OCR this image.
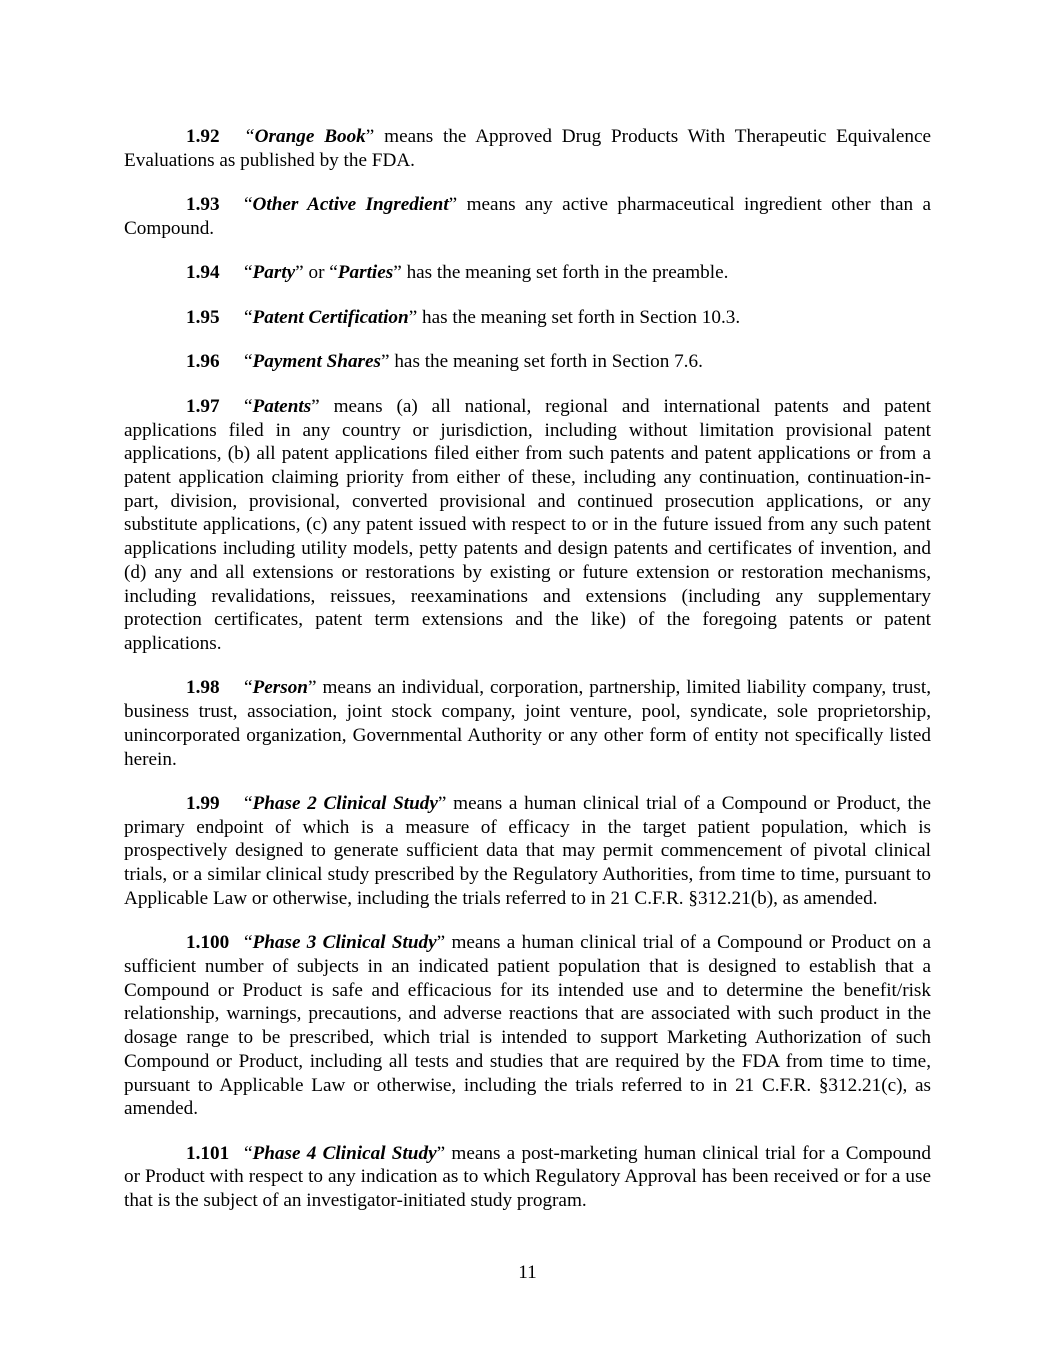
1.92 “Orange Book” means the Approved Drug Products With Therapeutic Equivalence Evaluations as published by the FDA.

1.93 “Other Active Ingredient” means any active pharmaceutical ingredient other than a Compound.

1.94 “Party” or “Parties” has the meaning set forth in the preamble.

1.95 “Patent Certification” has the meaning set forth in Section 10.3.

1.96 “Payment Shares” has the meaning set forth in Section 7.6.

1.97 “Patents” means (a) all national, regional and international patents and patent applications filed in any country or jurisdiction, including without limitation provisional patent applications, (b) all patent applications filed either from such patents and patent applications or from a patent application claiming priority from either of these, including any continuation, continuation-in-part, division, provisional, converted provisional and continued prosecution applications, or any substitute applications, (c) any patent issued with respect to or in the future issued from any such patent applications including utility models, petty patents and design patents and certificates of invention, and (d) any and all extensions or restorations by existing or future extension or restoration mechanisms, including revalidations, reissues, reexaminations and extensions (including any supplementary protection certificates, patent term extensions and the like) of the foregoing patents or patent applications.

1.98 “Person” means an individual, corporation, partnership, limited liability company, trust, business trust, association, joint stock company, joint venture, pool, syndicate, sole proprietorship, unincorporated organization, Governmental Authority or any other form of entity not specifically listed herein.

1.99 “Phase 2 Clinical Study” means a human clinical trial of a Compound or Product, the primary endpoint of which is a measure of efficacy in the target patient population, which is prospectively designed to generate sufficient data that may permit commencement of pivotal clinical trials, or a similar clinical study prescribed by the Regulatory Authorities, from time to time, pursuant to Applicable Law or otherwise, including the trials referred to in 21 C.F.R. §312.21(b), as amended.

1.100 “Phase 3 Clinical Study” means a human clinical trial of a Compound or Product on a sufficient number of subjects in an indicated patient population that is designed to establish that a Compound or Product is safe and efficacious for its intended use and to determine the benefit/risk relationship, warnings, precautions, and adverse reactions that are associated with such product in the dosage range to be prescribed, which trial is intended to support Marketing Authorization of such Compound or Product, including all tests and studies that are required by the FDA from time to time, pursuant to Applicable Law or otherwise, including the trials referred to in 21 C.F.R. §312.21(c), as amended.

1.101 “Phase 4 Clinical Study” means a post-marketing human clinical trial for a Compound or Product with respect to any indication as to which Regulatory Approval has been received or for a use that is the subject of an investigator-initiated study program.

11
